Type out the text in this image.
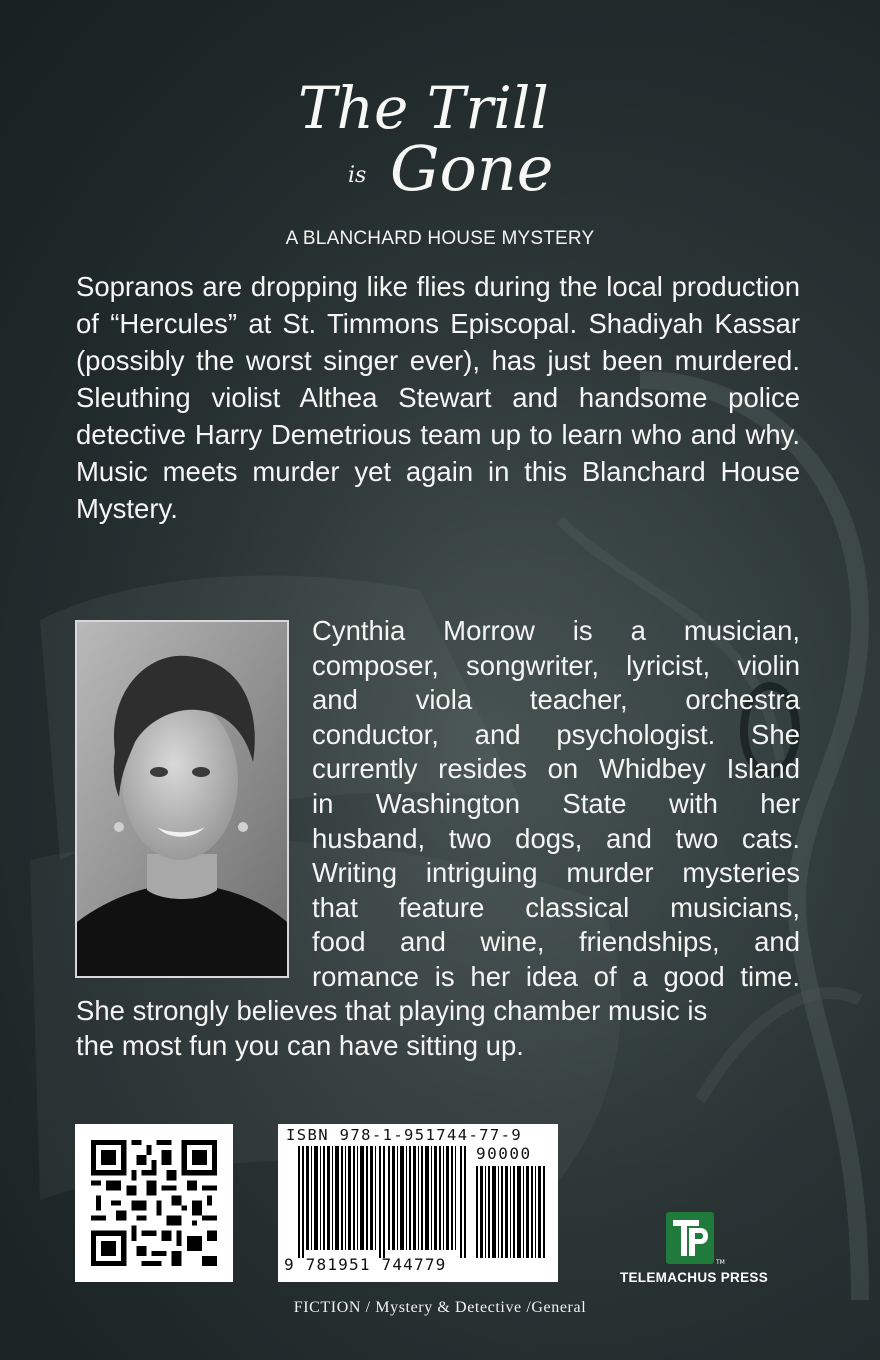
The Trill
is Gone
A BLANCHARD HOUSE MYSTERY

Sopranos are dropping like flies during the local production of “Hercules” at St. Timmons Episcopal. Shadiyah Kassar (possibly the worst singer ever), has just been murdered. Sleuthing violist Althea Stewart and handsome police detective Harry Demetrious team up to learn who and why. Music meets murder yet again in this Blanchard House Mystery.

Cynthia Morrow is a musician,
composer, songwriter, lyricist, violin
and viola teacher, orchestra
conductor, and psychologist. She
currently resides on Whidbey Island
in Washington State with her
husband, two dogs, and two cats.
Writing intriguing murder mysteries
that feature classical musicians,
food and wine, friendships, and
romance is her idea of a good time.
She strongly believes that playing chamber music is
the most fun you can have sitting up.
ISBN 978-1-951744-77-9
90000
9 781951 744779	TM
TELEMACHUS PRESS
FICTION / Mystery & Detective /General
